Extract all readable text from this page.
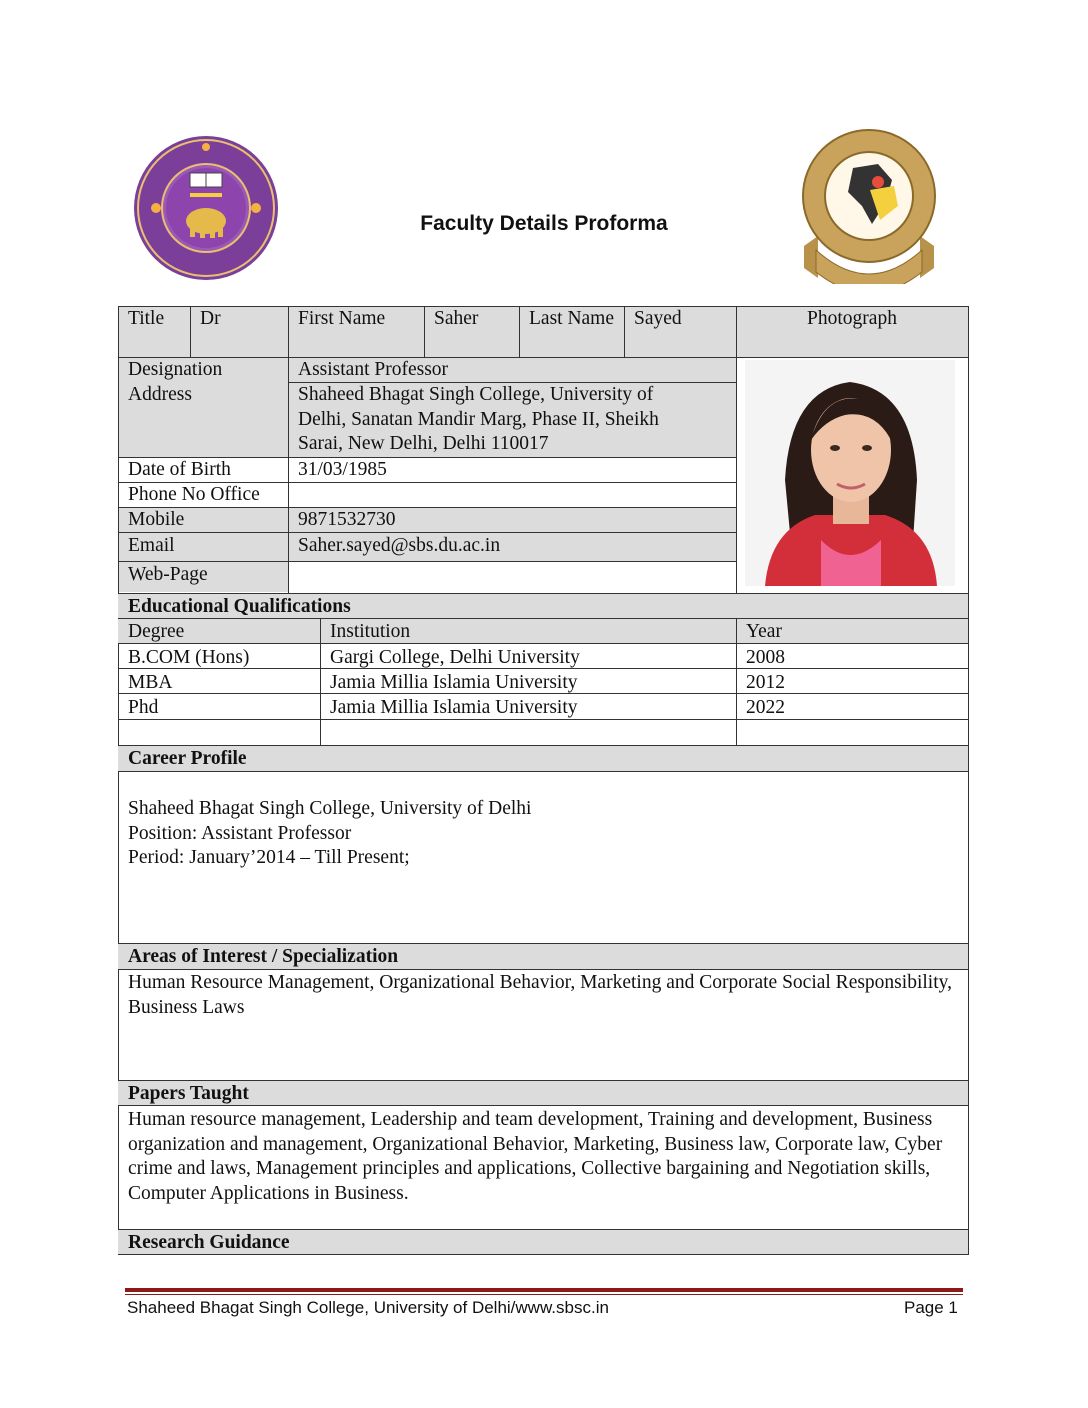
Faculty Details Proforma
Title	Dr	First Name	Saher	Last Name	Sayed	Photograph
Designation	Assistant Professor
Address	Shaheed Bhagat Singh College, University of Delhi, Sanatan Mandir Marg, Phase II, Sheikh Sarai, New Delhi, Delhi 110017
Date of Birth	31/03/1985
Phone No Office
Mobile	9871532730
Email	Saher.sayed@sbs.du.ac.in
Web-Page
Educational Qualifications
Degree	Institution	Year
B.COM (Hons)	Gargi College, Delhi University	2008
MBA	Jamia Millia Islamia University	2012
Phd	Jamia Millia Islamia University	2022
Career Profile
Shaheed Bhagat Singh College, University of Delhi
Position: Assistant Professor
Period: January’2014 – Till Present;
Areas of Interest / Specialization
Human Resource Management, Organizational Behavior, Marketing and Corporate Social Responsibility, Business Laws
Papers Taught
Human resource management, Leadership and team development, Training and development, Business organization and management, Organizational Behavior, Marketing, Business law, Corporate law, Cyber crime and laws, Management principles and applications, Collective bargaining and Negotiation skills, Computer Applications in Business.
Research Guidance
Shaheed Bhagat Singh College, University of Delhi/www.sbsc.in	Page 1
